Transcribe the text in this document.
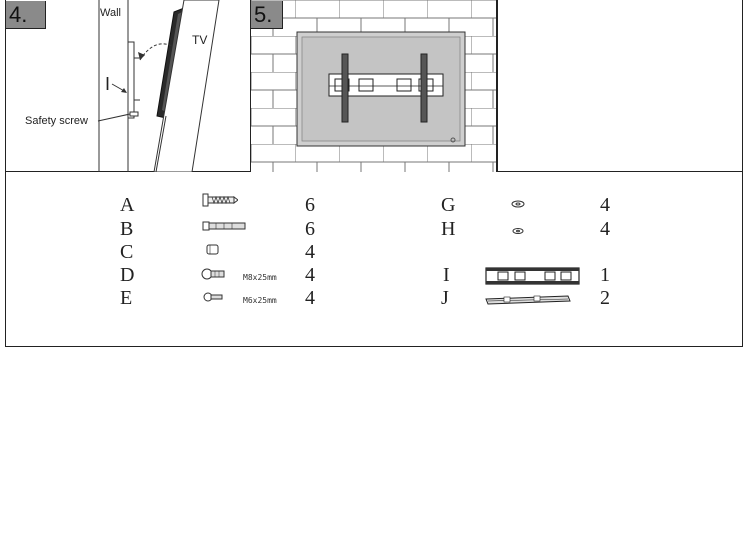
4.	Wall
TV
I
Safety screw
5.
A	6
B	6
C	4
D	M8x25mm 4
E	M6x25mm 4
G	4
H	4
I	1
J	2
